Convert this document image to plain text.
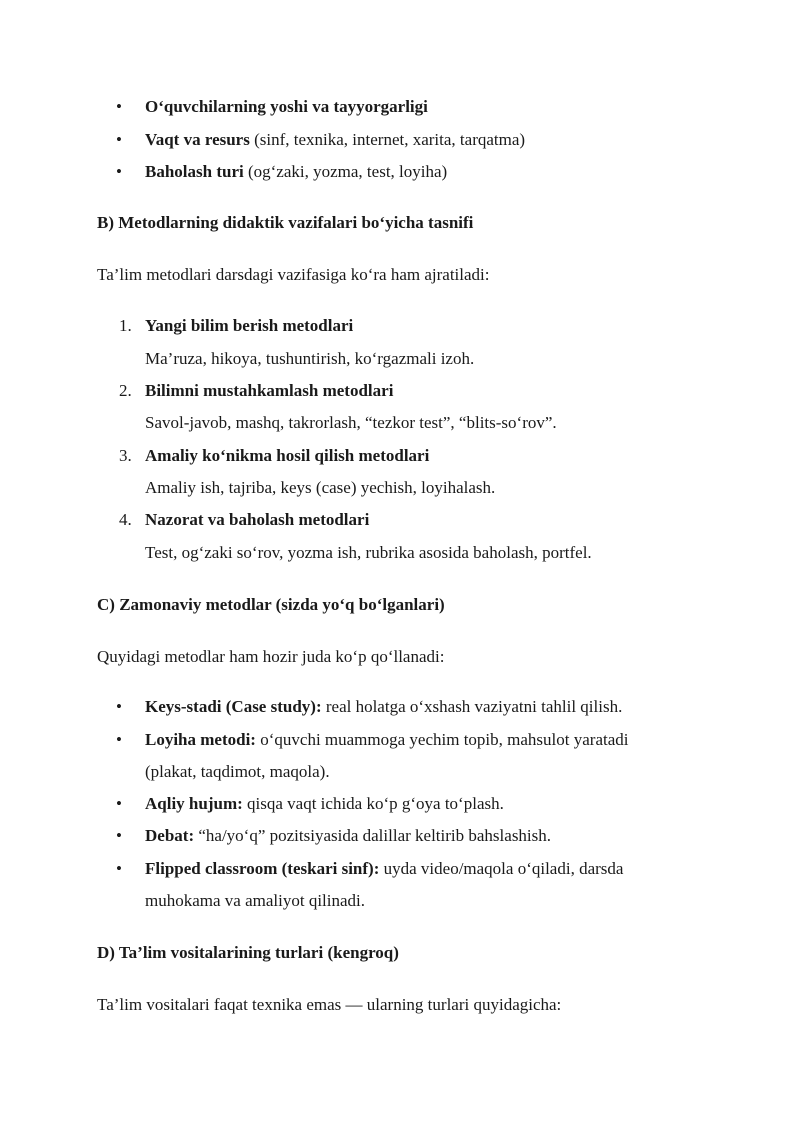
• O‘quvchilarning yoshi va tayyorgarligi
• Vaqt va resurs (sinf, texnika, internet, xarita, tarqatma)
• Baholash turi (og‘zaki, yozma, test, loyiha)
B) Metodlarning didaktik vazifalari bo‘yicha tasnifi
Ta’lim metodlari darsdagi vazifasiga ko‘ra ham ajratiladi:
1. Yangi bilim berish metodlari
Ma’ruza, hikoya, tushuntirish, ko‘rgazmali izoh.
2. Bilimni mustahkamlash metodlari
Savol-javob, mashq, takrorlash, “tezkor test”, “blits-so‘rov”.
3. Amaliy ko‘nikma hosil qilish metodlari
Amaliy ish, tajriba, keys (case) yechish, loyihalash.
4. Nazorat va baholash metodlari
Test, og‘zaki so‘rov, yozma ish, rubrika asosida baholash, portfel.
C) Zamonaviy metodlar (sizda yo‘q bo‘lganlari)
Quyidagi metodlar ham hozir juda ko‘p qo‘llanadi:
• Keys-stadi (Case study): real holatga o‘xshash vaziyatni tahlil qilish.
• Loyiha metodi: o‘quvchi muammoga yechim topib, mahsulot yaratadi
(plakat, taqdimot, maqola).
• Aqliy hujum: qisqa vaqt ichida ko‘p g‘oya to‘plash.
• Debat: “ha/yo‘q” pozitsiyasida dalillar keltirib bahslashish.
• Flipped classroom (teskari sinf): uyda video/maqola o‘qiladi, darsda
muhokama va amaliyot qilinadi.
D) Ta’lim vositalarining turlari (kengroq)
Ta’lim vositalari faqat texnika emas — ularning turlari quyidagicha:
